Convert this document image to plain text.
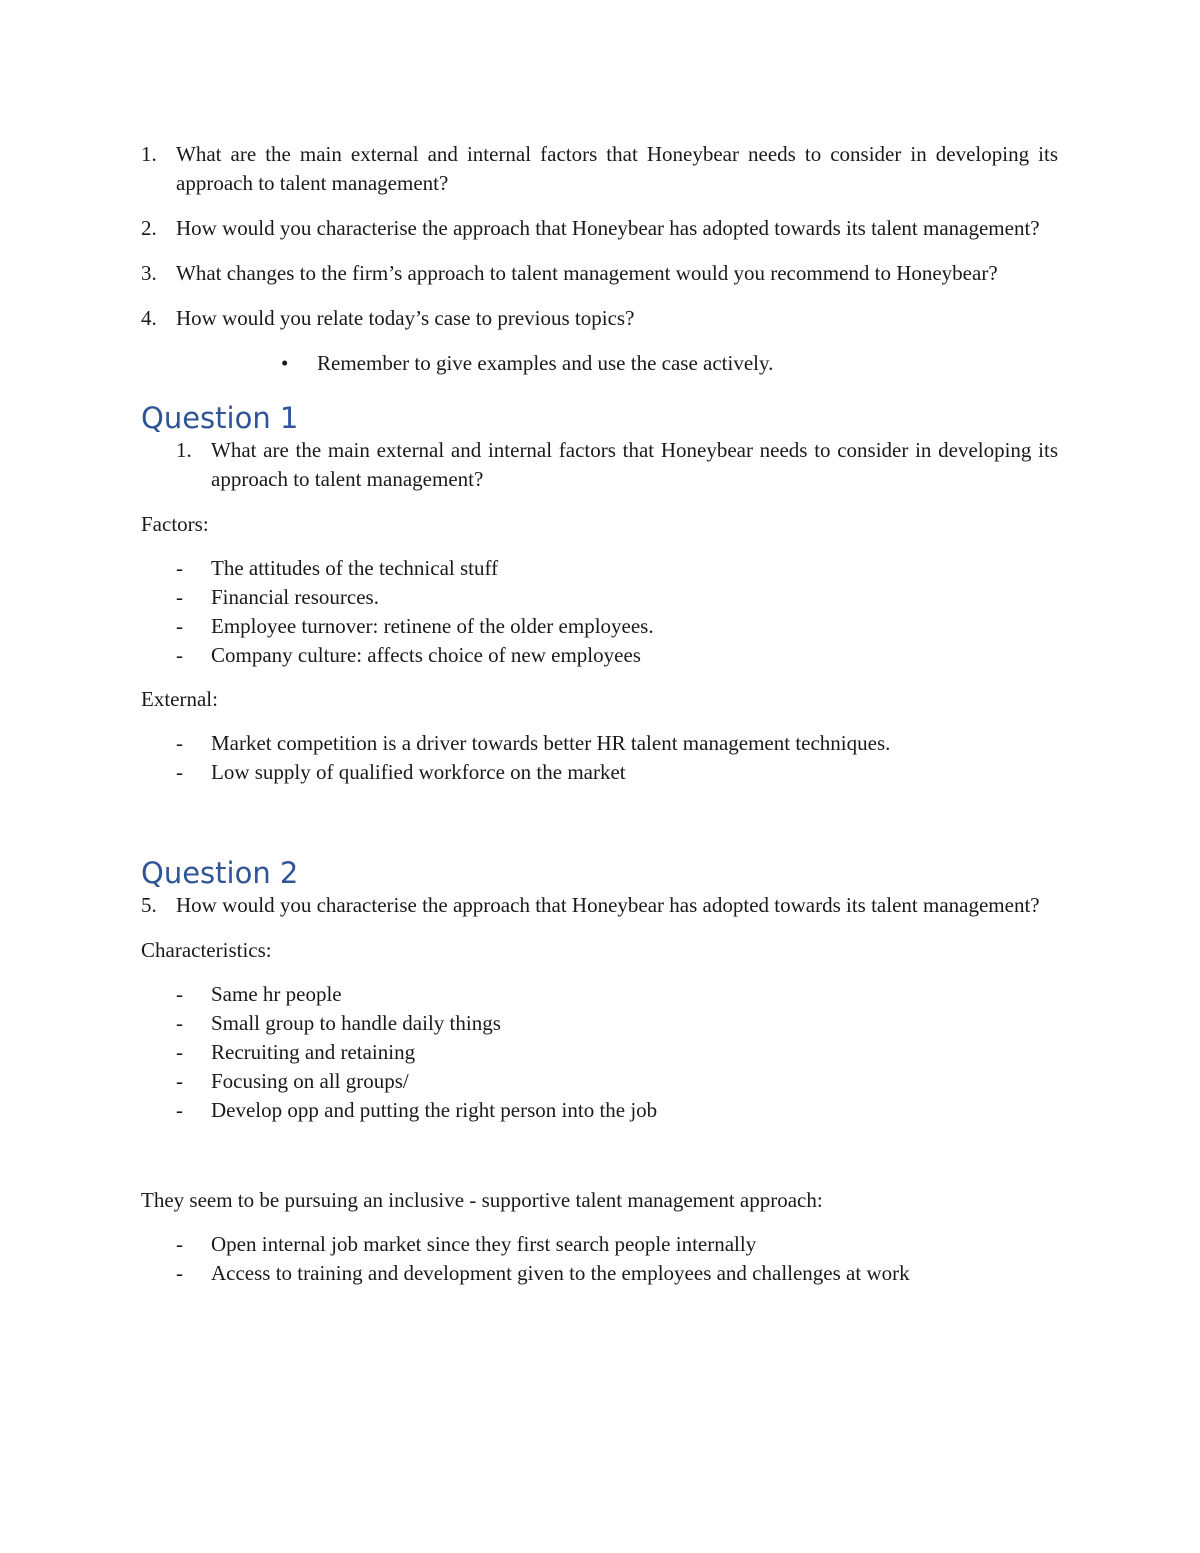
1. What are the main external and internal factors that Honeybear needs to consider in developing its approach to talent management?
2. How would you characterise the approach that Honeybear has adopted towards its talent management?
3. What changes to the firm’s approach to talent management would you recommend to Honeybear?
4. How would you relate today’s case to previous topics?
• Remember to give examples and use the case actively.
Question 1
1. What are the main external and internal factors that Honeybear needs to consider in developing its approach to talent management?

Factors:

- The attitudes of the technical stuff
- Financial resources.
- Employee turnover: retinene of the older employees.
- Company culture: affects choice of new employees

External:

- Market competition is a driver towards better HR talent management techniques.
- Low supply of qualified workforce on the market
Question 2
5. How would you characterise the approach that Honeybear has adopted towards its talent management?

Characteristics:

- Same hr people
- Small group to handle daily things
- Recruiting and retaining
- Focusing on all groups/
- Develop opp and putting the right person into the job

They seem to be pursuing an inclusive - supportive talent management approach:

- Open internal job market since they first search people internally
- Access to training and development given to the employees and challenges at work
